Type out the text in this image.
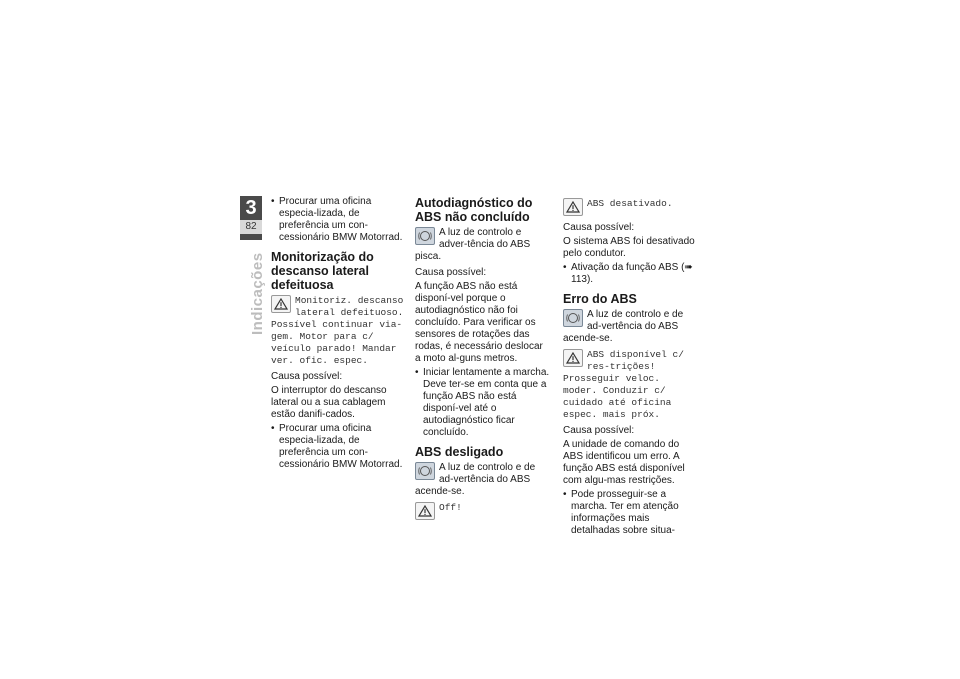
3
82
Indicações
• Procurar uma oficina especia-lizada, de preferência um con-cessionário BMW Motorrad.
Monitorização do descanso lateral defeituosa
Monitoriz. descanso lateral defeituoso. Possível continuar via-gem. Motor para c/ veículo parado! Mandar ver. ofic. espec.

Causa possível:

O interruptor do descanso lateral ou a sua cablagem estão danifi-cados.

• Procurar uma oficina especia-lizada, de preferência um con-cessionário BMW Motorrad.
Autodiagnóstico do ABS não concluído
A luz de controlo e adver-tência do ABS pisca.

Causa possível:

A função ABS não está disponí-vel porque o autodiagnóstico não foi concluído. Para verificar os sensores de rotações das rodas, é necessário deslocar a moto al-guns metros.

• Iniciar lentamente a marcha. Deve ter-se em conta que a função ABS não está disponí-vel até o autodiagnóstico ficar concluído.
ABS desligado
A luz de controlo e de ad-vertência do ABS acende-se.
Off!
ABS desativado.

Causa possível:

O sistema ABS foi desativado pelo condutor.

• Ativação da função ABS (➠ 113).
Erro do ABS
A luz de controlo e de ad-vertência do ABS acende-se.
ABS disponível c/ res-trições! Prosseguir veloc. moder. Conduzir c/ cuidado até oficina espec. mais próx.

Causa possível:

A unidade de comando do ABS identificou um erro. A função ABS está disponível com algu-mas restrições.

• Pode prosseguir-se a marcha. Ter em atenção informações mais detalhadas sobre situa-
